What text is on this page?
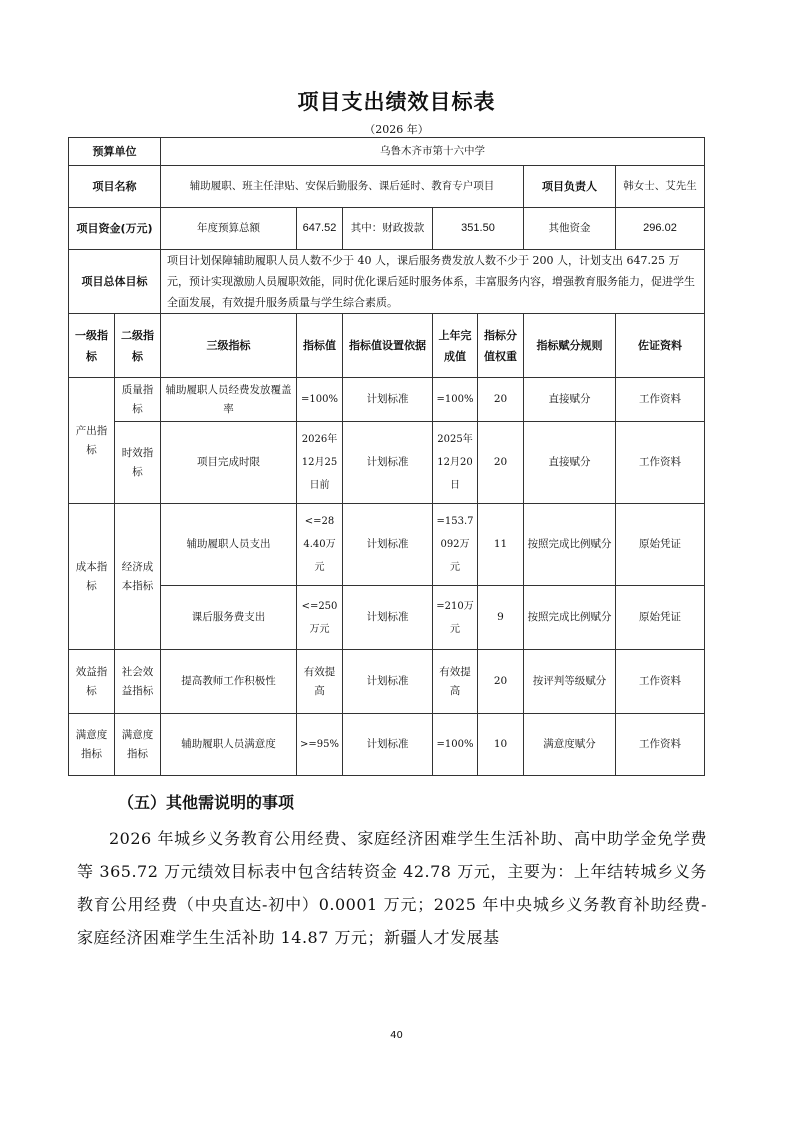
项目支出绩效目标表
（2026 年）
预算单位		乌鲁木齐市第十六中学						
项目名称		辅助履职、班主任津贴、安保后勤服务、课后延时、教育专户项目					项目负责人	韩女士、艾先生
项目资金(万元)		年度预算总额	647.52	其中：财政拨款	351.50		其他资金	296.02
项目总体目标		项目计划保障辅助履职人员人数不少于 40 人，课后服务费发放人数不少于 200 人，计划支出 647.25 万元，预计实现激励人员履职效能，同时优化课后延时服务体系，丰富服务内容，增强教育服务能力，促进学生全面发展，有效提升服务质量与学生综合素质。						
一级指标	二级指标	三级指标	指标值	指标值设置依据	上年完成值	指标分值权重	指标赋分规则	佐证资料
产出指标	质量指标	辅助履职人员经费发放覆盖率	=100%	计划标准	=100%	20	直接赋分	工作资料
	时效指标	项目完成时限	2026年12月25日前	计划标准	2025年12月20日	20	直接赋分	工作资料
成本指标	经济成本指标	辅助履职人员支出	<=284.40万元	计划标准	=153.7092万元	11	按照完成比例赋分	原始凭证
		课后服务费支出	<=250万元	计划标准	=210万元	9	按照完成比例赋分	原始凭证
效益指标	社会效益指标	提高教师工作积极性	有效提高	计划标准	有效提高	20	按评判等级赋分	工作资料
满意度指标	满意度指标	辅助履职人员满意度	>=95%	计划标准	=100%	10	满意度赋分	工作资料
（五）其他需说明的事项
2026 年城乡义务教育公用经费、家庭经济困难学生生活补助、高中助学金免学费等 365.72 万元绩效目标表中包含结转资金 42.78 万元，主要为：上年结转城乡义务教育公用经费（中央直达-初中）0.0001 万元；2025 年中央城乡义务教育补助经费-家庭经济困难学生生活补助 14.87 万元；新疆人才发展基
40
